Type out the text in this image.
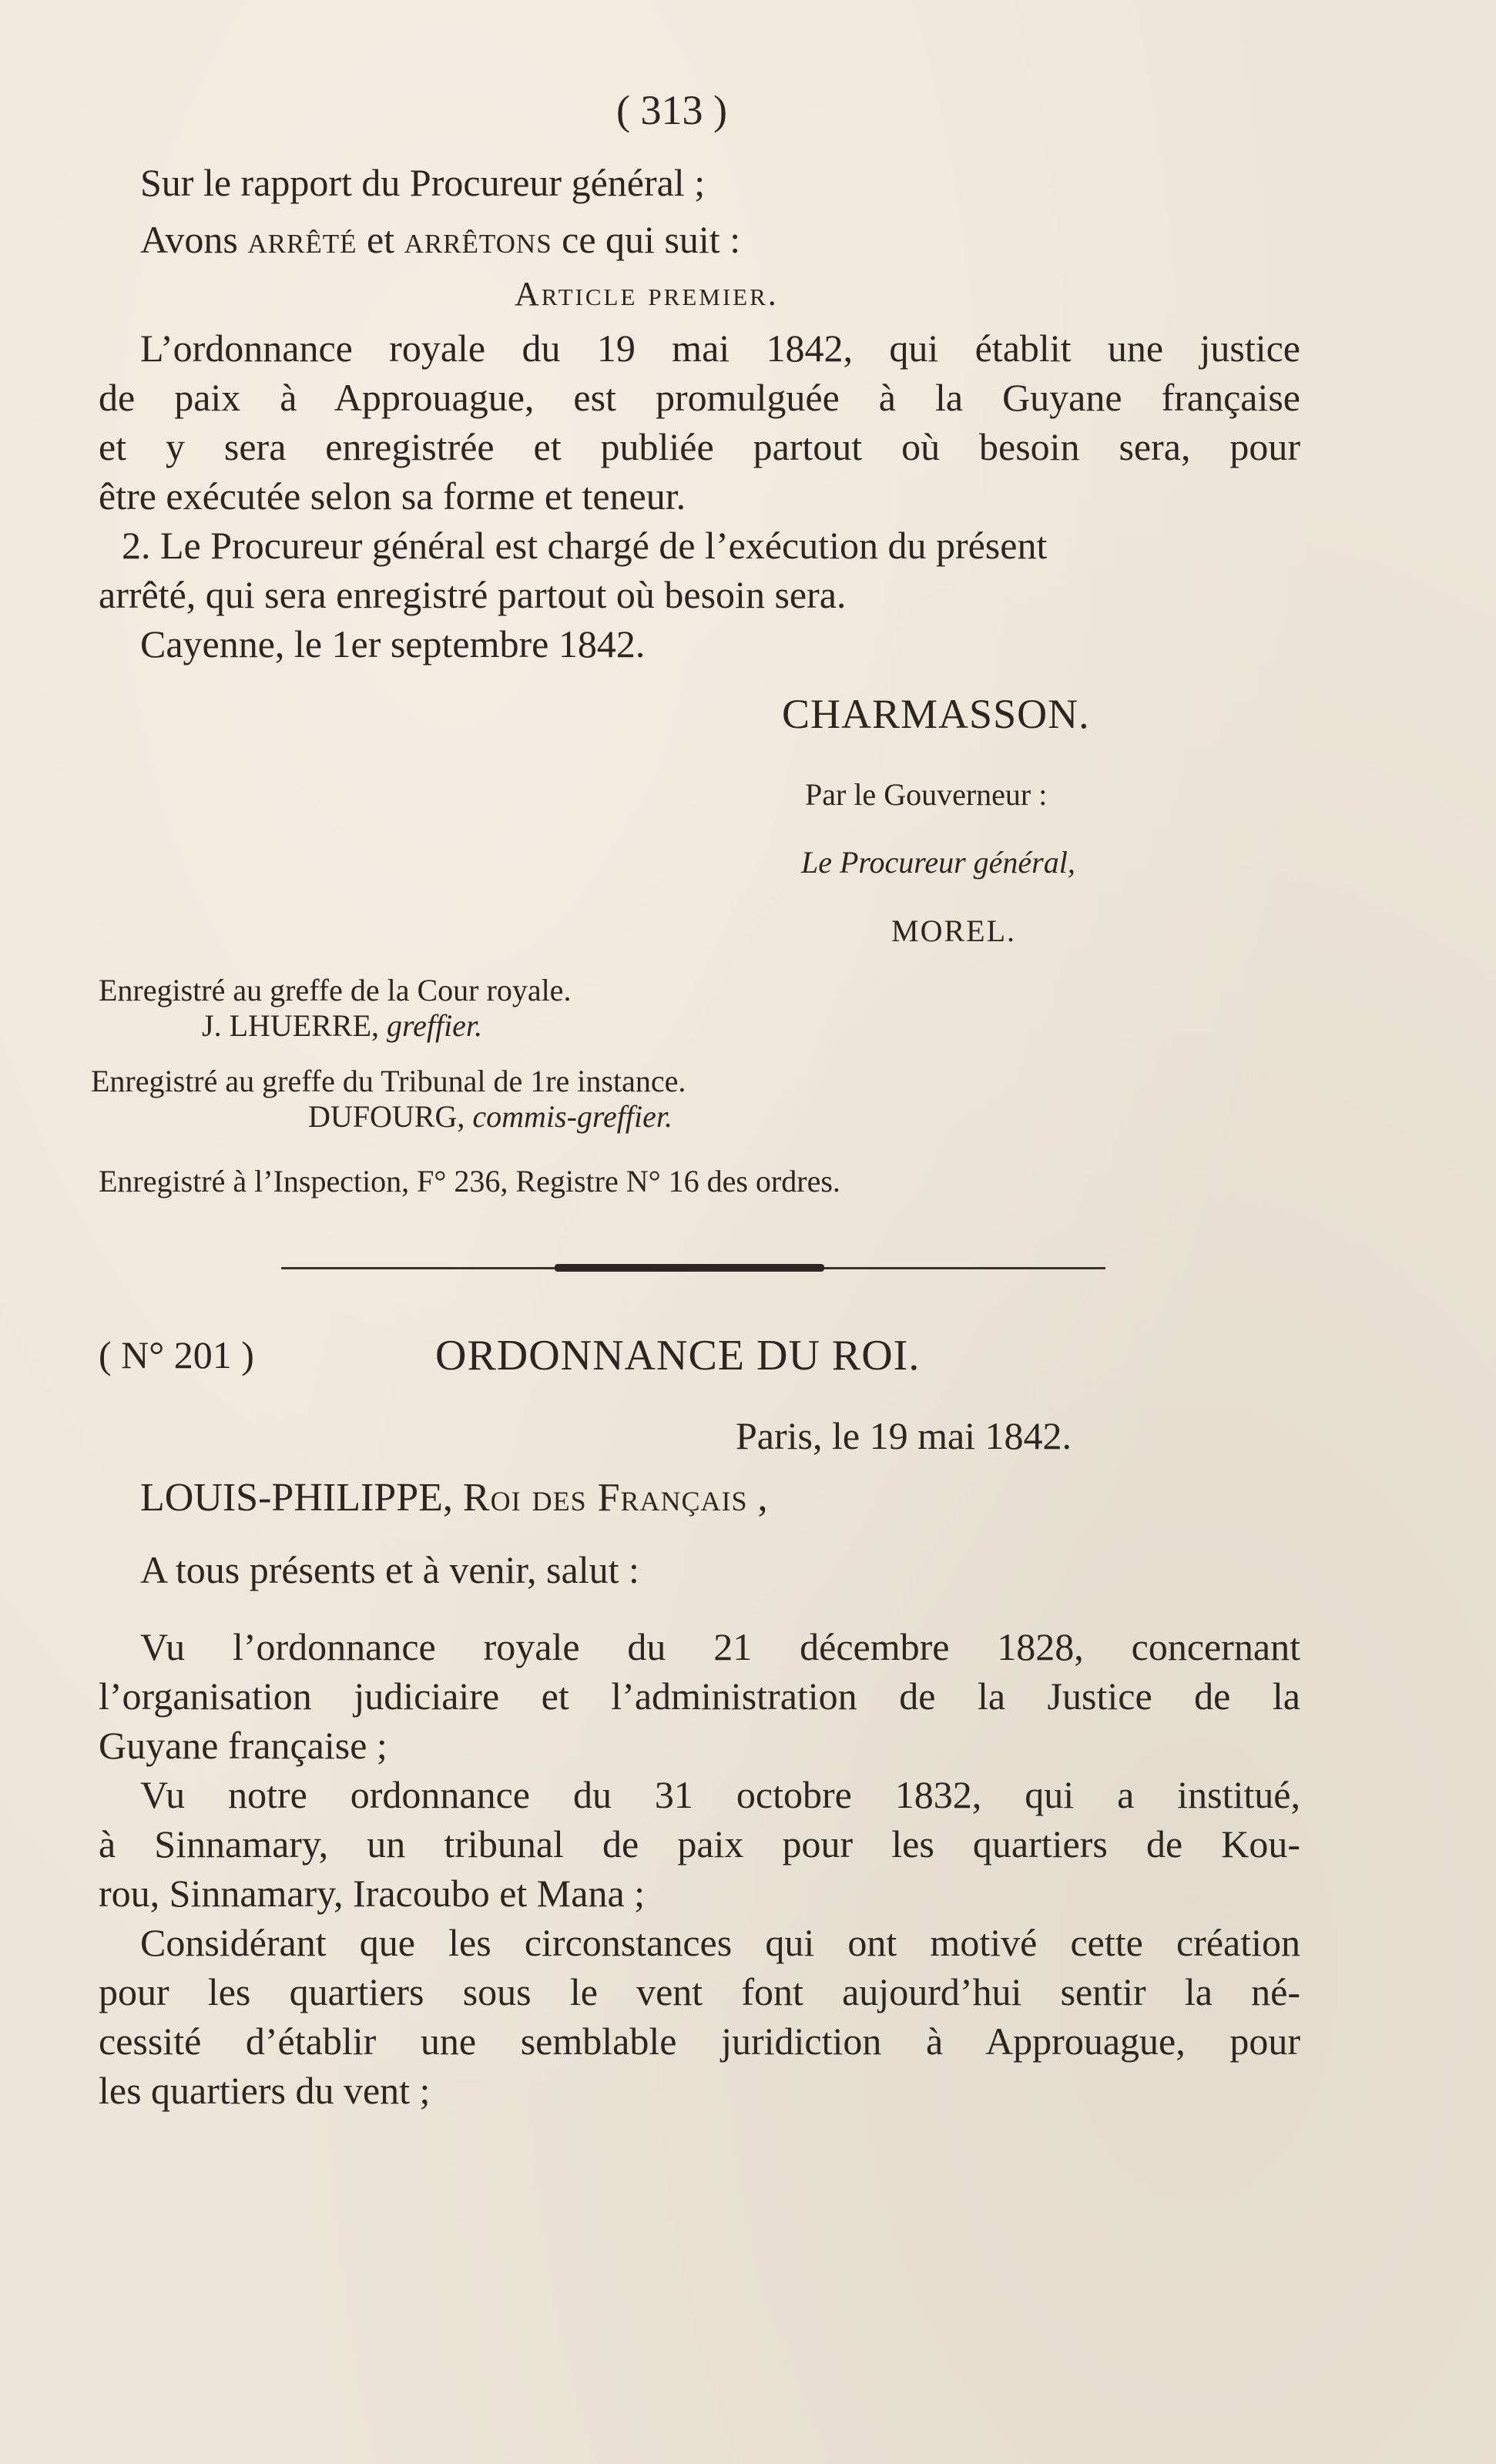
( 313 )
Sur le rapport du Procureur général ;
Avons arrêté et arrêtons ce qui suit :
Article premier.
L’ordonnance royale du 19 mai 1842, qui établit une justice
de paix à Approuague, est promulguée à la Guyane française
et y sera enregistrée et publiée partout où besoin sera, pour
être exécutée selon sa forme et teneur.
2. Le Procureur général est chargé de l’exécution du présent
arrêté, qui sera enregistré partout où besoin sera.
Cayenne, le 1er septembre 1842.
CHARMASSON.
Par le Gouverneur :
Le Procureur général,
MOREL.
Enregistré au greffe de la Cour royale.
J. LHUERRE, greffier.
Enregistré au greffe du Tribunal de 1re instance.
DUFOURG, commis-greffier.
Enregistré à l’Inspection, F° 236, Registre N° 16 des ordres.
( N° 201 )	ORDONNANCE DU ROI.
Paris, le 19 mai 1842.
LOUIS-PHILIPPE, Roi des Français ,
A tous présents et à venir, salut :
Vu l’ordonnance royale du 21 décembre 1828, concernant
l’organisation judiciaire et l’administration de la Justice de la
Guyane française ;
Vu notre ordonnance du 31 octobre 1832, qui a institué,
à Sinnamary, un tribunal de paix pour les quartiers de Kou-
rou, Sinnamary, Iracoubo et Mana ;
Considérant que les circonstances qui ont motivé cette création
pour les quartiers sous le vent font aujourd’hui sentir la né-
cessité d’établir une semblable juridiction à Approuague, pour
les quartiers du vent ;
